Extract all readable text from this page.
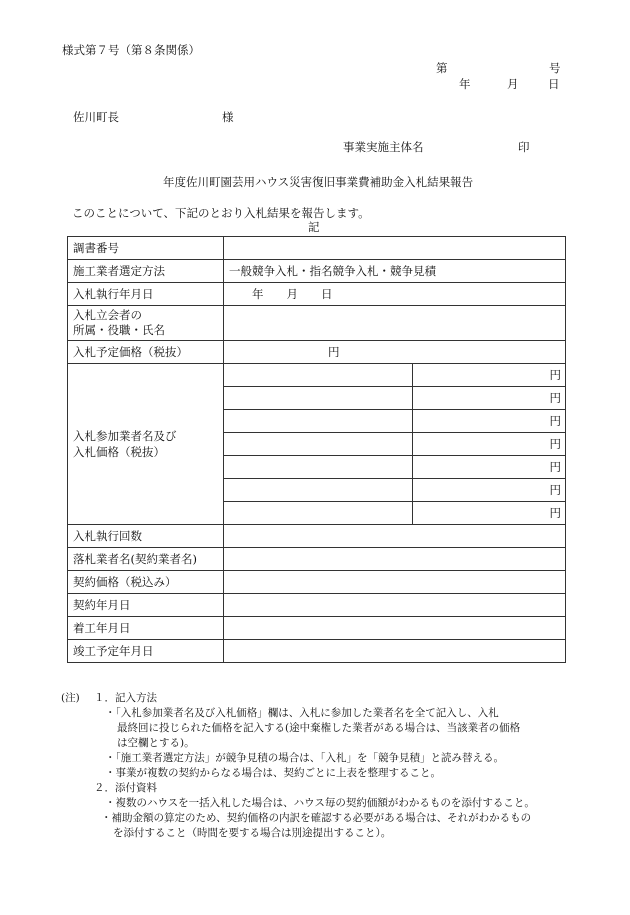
様式第７号（第８条関係）
第	号
年	月	日
佐川町長	様
事業実施主体名	印
年度佐川町園芸用ハウス災害復旧事業費補助金入札結果報告
このことについて、下記のとおり入札結果を報告します。
記
調書番号		
施工業者選定方法	一般競争入札・指名競争入札・競争見積	
入札執行年月日	年　　月　　日	

入札立会者の
所属・役職・氏名		

入札予定価格（税抜）	円	

入札参加業者名及び
入札価格（税抜）		円
		円
		円
		円
		円
		円
		円
入札執行回数		
落札業者名(契約業者名)		
契約価格（税込み）		
契約年月日		
着工年月日		
竣工予定年月日		
(注) １．記入方法
・「入札参加業者名及び入札価格」欄は、入札に参加した業者名を全て記入し、入札
最終回に投じられた価格を記入する(途中棄権した業者がある場合は、当該業者の価格
は空欄とする)。
・「施工業者選定方法」が競争見積の場合は、「入札」を「競争見積」と読み替える。
・事業が複数の契約からなる場合は、契約ごとに上表を整理すること。
２．添付資料
・複数のハウスを一括入札した場合は、ハウス毎の契約価額がわかるものを添付すること。
・補助金額の算定のため、契約価格の内訳を確認する必要がある場合は、それがわかるもの
を添付すること（時間を要する場合は別途提出すること）。
